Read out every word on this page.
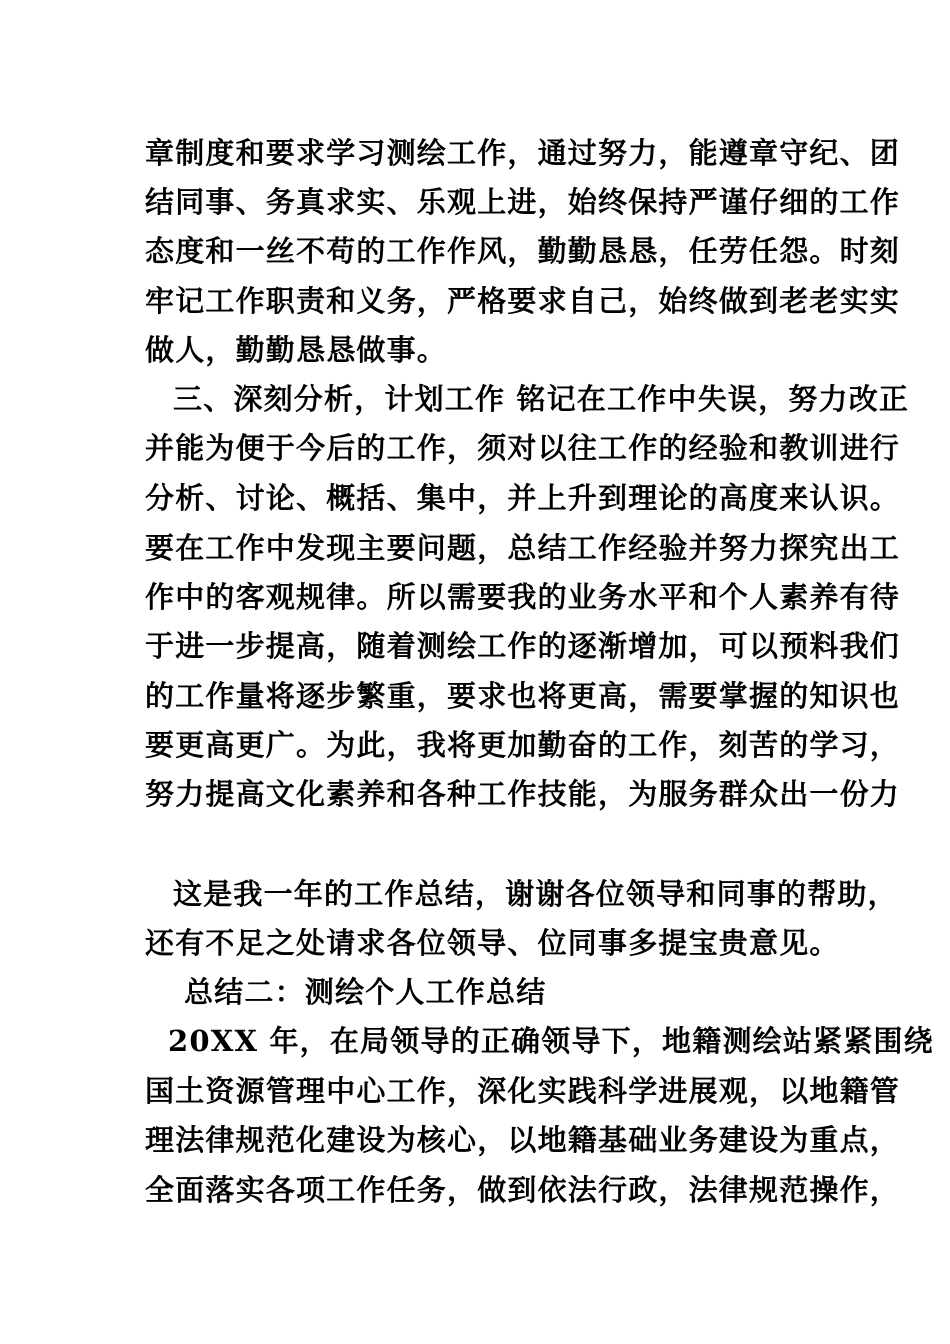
章制度和要求学习测绘工作，通过努力，能遵章守纪、团
结同事、务真求实、乐观上进，始终保持严谨仔细的工作
态度和一丝不苟的工作作风，勤勤恳恳，任劳任怨。时刻
牢记工作职责和义务，严格要求自己，始终做到老老实实
做人，勤勤恳恳做事。
三、深刻分析，计划工作 铭记在工作中失误，努力改正
并能为便于今后的工作，须对以往工作的经验和教训进行
分析、讨论、概括、集中，并上升到理论的高度来认识。
要在工作中发现主要问题，总结工作经验并努力探究出工
作中的客观规律。所以需要我的业务水平和个人素养有待
于进一步提高，随着测绘工作的逐渐增加，可以预料我们
的工作量将逐步繁重，要求也将更高，需要掌握的知识也
要更高更广。为此，我将更加勤奋的工作，刻苦的学习，
努力提高文化素养和各种工作技能，为服务群众出一份力
这是我一年的工作总结，谢谢各位领导和同事的帮助，
还有不足之处请求各位领导、位同事多提宝贵意见。
总结二：测绘个人工作总结
20XX 年，在局领导的正确领导下，地籍测绘站紧紧围绕
国土资源管理中心工作，深化实践科学进展观，以地籍管
理法律规范化建设为核心，以地籍基础业务建设为重点，
全面落实各项工作任务，做到依法行政，法律规范操作，
